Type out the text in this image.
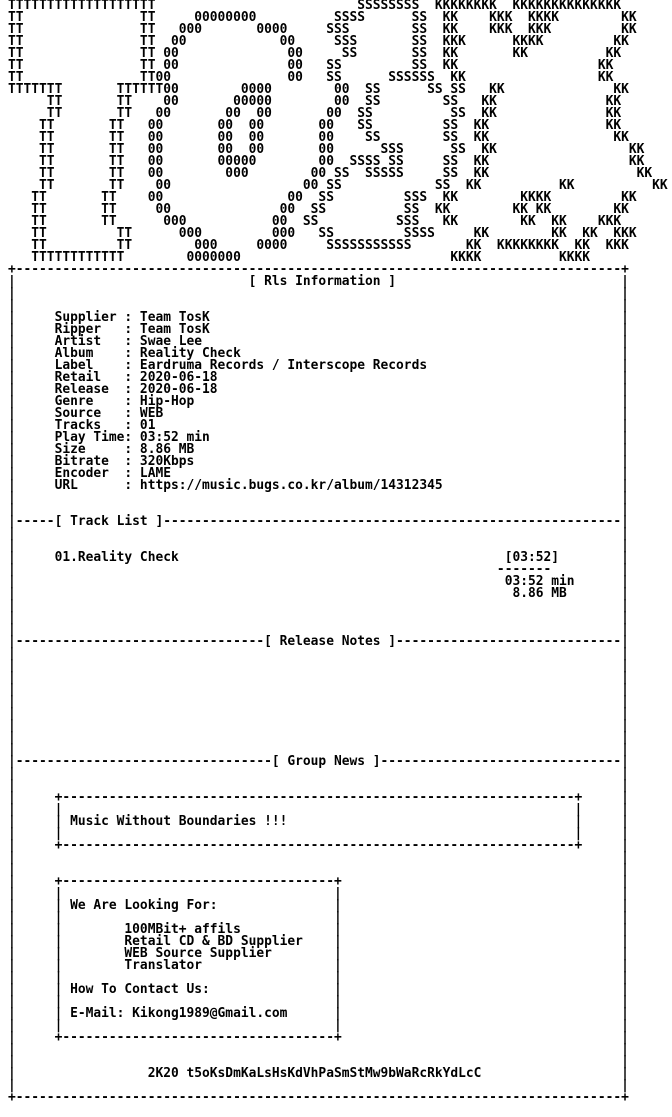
TTTTTTTTTTTTTTTTTTT                          SSSSSSSS  KKKKKKKK  KKKKKKKKKKKKKK
TT               TT     00000000          SSSS      SS  KK    KKK  KKKK        KK
TT               TT   000       0000     SSS        SS  KK    KKK  KKK         KK
TT               TT  00            00     SSS       SS  KKK      KKKK         KK
TT               TT 00              00     SS       SS  KK       KK          KK
TT               TT 00              00   SS         SS  KK                  KK
TT               TT00               00   SS      SSSSSS  KK                 KK
TTTTTTT       TTTTTT00        0000        00  SS      SS SS   KK              KK
TT       TT    00       00000        00  SS        SS   KK              KK
TT       TT   00       00  00       00  SS          SS  KK              KK
TT       TT   00       00  00       00   SS         SS  KK               KK
TT       TT   00       00  00       00    SS        SS  KK                KK
TT       TT   00       00  00       00      SSS      SS  KK                 KK
TT       TT   00       00000        00  SSSS SS     SS  KK                  KK
TT       TT   00        000        00 SS  SSSSS     SS  KK                   KK
TT       TT    00                 00 SS            SS  KK          KK          KK
TT       TT    00                00  SS         SSS  KK        KKKK         KK
TT       TT     00              00  SS          SS  KK        KK KK        KK
TT       TT      000           00  SS          SSS   KK        KK  KK    KKK
TT         TT      000         000   SS         SSSS     KK        KK  KK  KKK
TT         TT        000     0000     SSSSSSSSSSS       KK  KKKKKKKK  KK  KKK
TTTTTTTTTTTT        0000000                           KKKK          KKKK
+------------------------------------------------------------------------------+
|                              [ Rls Information ]                             |
|                                                                              |
|                                                                              |
|     Supplier : Team TosK                                                     |
|     Ripper   : Team TosK                                                     |
|     Artist   : Swae Lee                                                      |
|     Album    : Reality Check                                                 |
|     Label    : Eardruma Records / Interscope Records                         |
|     Retail   : 2020-06-18                                                    |
|     Release  : 2020-06-18                                                    |
|     Genre    : Hip-Hop                                                       |
|     Source   : WEB                                                           |
|     Tracks   : 01                                                            |
|     Play Time: 03:52 min                                                     |
|     Size     : 8.86 MB                                                       |
|     Bitrate  : 320Kbps                                                       |
|     Encoder  : LAME                                                          |
|     URL      : https://music.bugs.co.kr/album/14312345                       |
|                                                                              |
|                                                                              |
|-----[ Track List ]-----------------------------------------------------------|
|                                                                              |
|                                                                              |
|     01.Reality Check                                          [03:52]        |
|                                                              -------         |
|                                                               03:52 min      |
|                                                                8.86 MB       |
|                                                                              |
|                                                                              |
|                                                                              |
|--------------------------------[ Release Notes ]-----------------------------|
|                                                                              |
|                                                                              |
|                                                                              |
|                                                                              |
|                                                                              |
|                                                                              |
|                                                                              |
|                                                                              |
|                                                                              |
|---------------------------------[ Group News ]-------------------------------|
|                                                                              |
|                                                                              |
|     +------------------------------------------------------------------+     |
|     |                                                                  |     |
|     | Music Without Boundaries !!!                                     |     |
|     |                                                                  |     |
|     +------------------------------------------------------------------+     |
|                                                                              |
|                                                                              |
|     +-----------------------------------+                                    |
|     |                                   |                                    |
|     | We Are Looking For:               |                                    |
|     |                                   |                                    |
|     |        100MBit+ affils            |                                    |
|     |        Retail CD & BD Supplier    |                                    |
|     |        WEB Source Supplier        |                                    |
|     |        Translator                 |                                    |
|     |                                   |                                    |
|     | How To Contact Us:                |                                    |
|     |                                   |                                    |
|     | E-Mail: Kikong1989@Gmail.com      |                                    |
|     |                                   |                                    |
|     +-----------------------------------+                                    |
|                                                                              |
|                                                                              |
|                 2K20 t5oKsDmKaLsHsKdVhPaSmStMw9bWaRcRkYdLcC                  |
|                                                                              |
+------------------------------------------------------------------------------+
